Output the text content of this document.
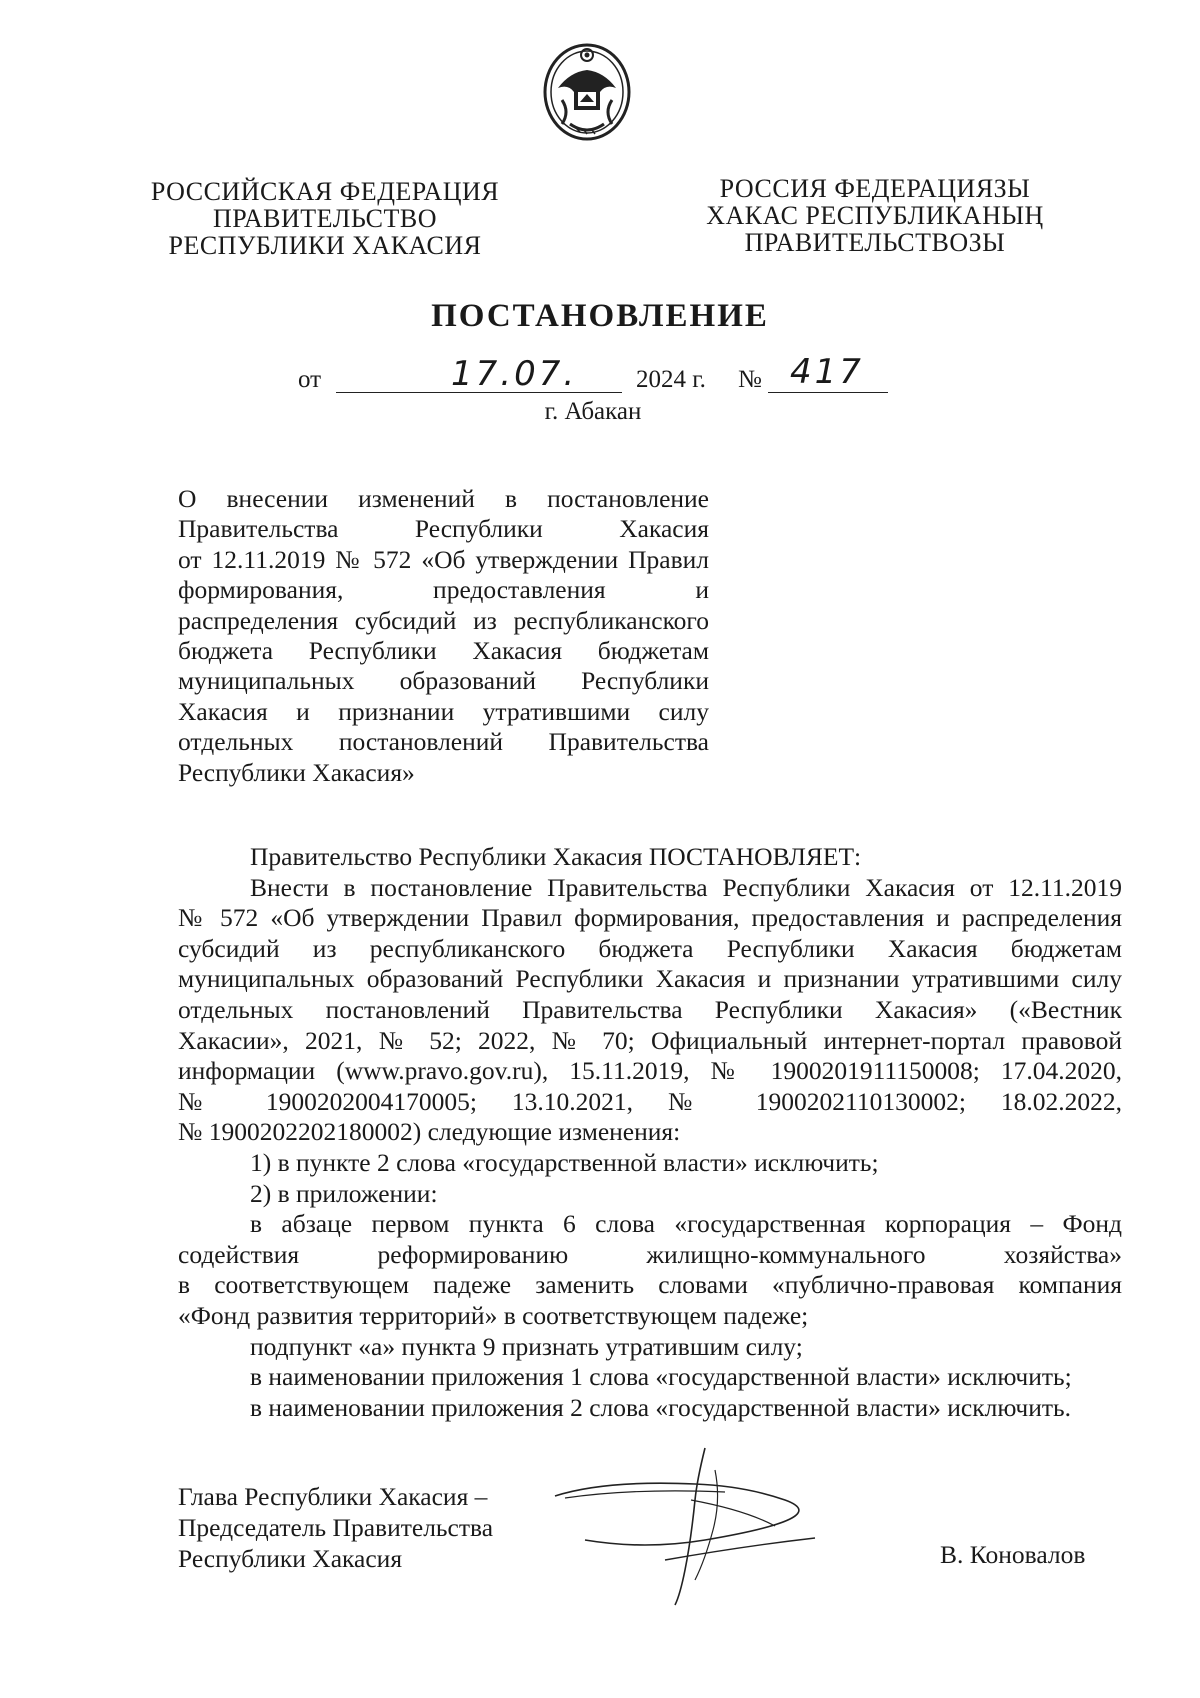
РОССИЙСКАЯ ФЕДЕРАЦИЯ
ПРАВИТЕЛЬСТВО
РЕСПУБЛИКИ ХАКАСИЯ
РОССИЯ ФЕДЕРАЦИЯЗЫ
ХАКАС РЕСПУБЛИКАНЫҢ
ПРАВИТЕЛЬСТВОЗЫ
ПОСТАНОВЛЕНИЕ
от	17.07. 2024 г. № 417
г. Абакан
О внесении изменений в постановление
Правительства Республики Хакасия
от 12.11.2019 № 572 «Об утверждении Правил
формирования, предоставления и
распределения субсидий из республиканского
бюджета Республики Хакасия бюджетам
муниципальных образований Республики
Хакасия и признании утратившими силу
отдельных постановлений Правительства
Республики Хакасия»
Правительство Республики Хакасия ПОСТАНОВЛЯЕТ:
Внести в постановление Правительства Республики Хакасия от 12.11.2019
№ 572 «Об утверждении Правил формирования, предоставления и распределения
субсидий из республиканского бюджета Республики Хакасия бюджетам
муниципальных образований Республики Хакасия и признании утратившими силу
отдельных постановлений Правительства Республики Хакасия» («Вестник
Хакасии», 2021, № 52; 2022, № 70; Официальный интернет-портал правовой
информации (www.pravo.gov.ru), 15.11.2019, № 1900201911150008; 17.04.2020,
№ 1900202004170005; 13.10.2021, № 1900202110130002; 18.02.2022,
№ 1900202202180002) следующие изменения:
1) в пункте 2 слова «государственной власти» исключить;
2) в приложении:
в абзаце первом пункта 6 слова «государственная корпорация – Фонд
содействия реформированию жилищно-коммунального хозяйства»
в соответствующем падеже заменить словами «публично-правовая компания
«Фонд развития территорий» в соответствующем падеже;
подпункт «а» пункта 9 признать утратившим силу;
в наименовании приложения 1 слова «государственной власти» исключить;
в наименовании приложения 2 слова «государственной власти» исключить.
Глава Республики Хакасия –
Председатель Правительства
Республики Хакасия	В. Коновалов
